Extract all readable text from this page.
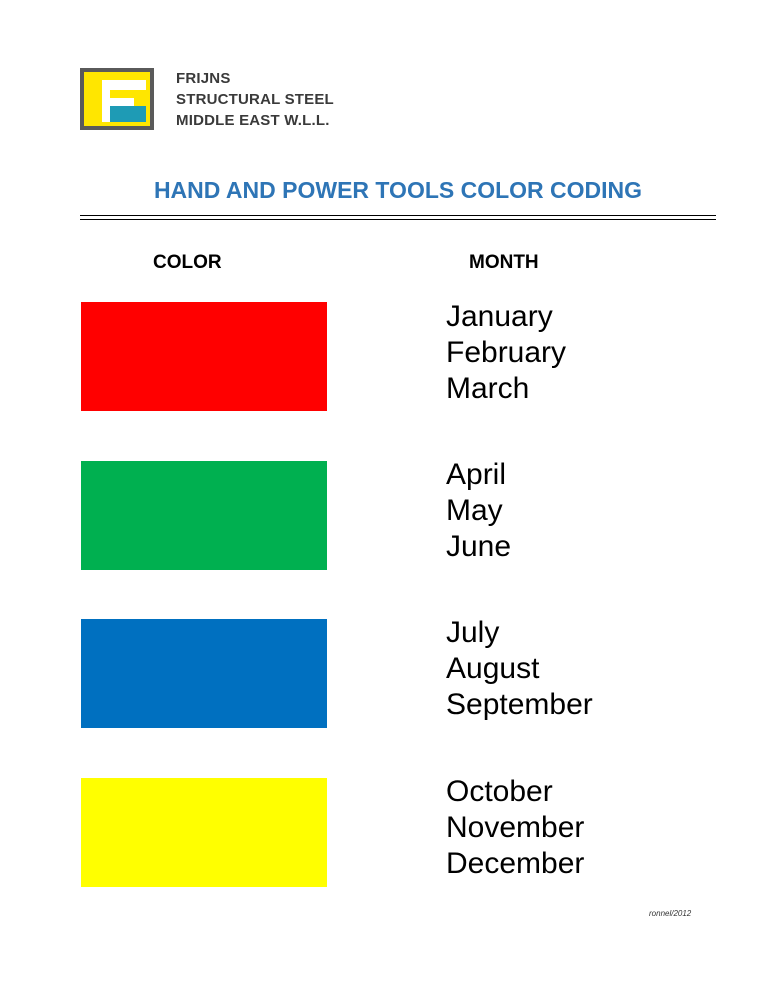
FRIJNS
STRUCTURAL STEEL
MIDDLE EAST W.L.L.
HAND AND POWER TOOLS COLOR CODING
COLOR	MONTH
January
February
March
April
May
June
July
August
September
October
November
December
ronnel/2012
